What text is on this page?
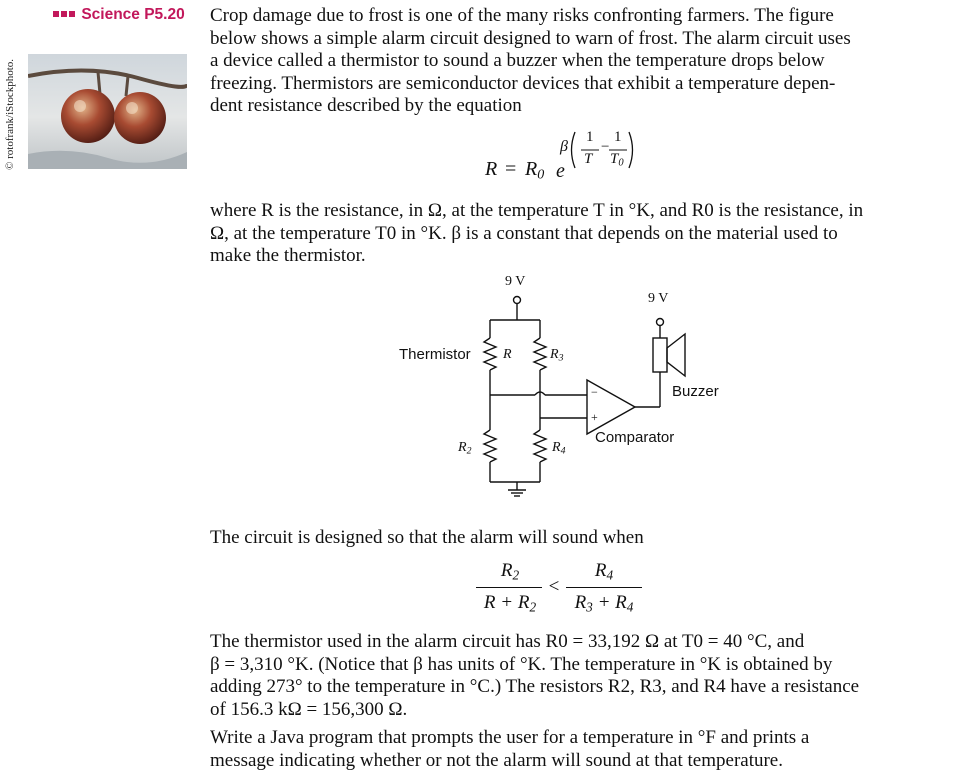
Science P5.20
© rotofrank/iStockphoto.
Crop damage due to frost is one of the many risks confronting farmers. The figure
below shows a simple alarm circuit designed to warn of frost. The alarm circuit uses
a device called a thermistor to sound a buzzer when the temperature drops below
freezing. Thermistors are semiconductor devices that exhibit a temperature depen-
dent resistance described by the equation
$R = R_0$ e
β
1
T
−
1
$T_0$
where R is the resistance, in Ω, at the temperature T in °K, and R0 is the resistance, in
Ω, at the temperature T0 in °K. β is a constant that depends on the material used to
make the thermistor.
9 V
9 V
Thermistor R	$R_3$
$R_2$	$R_4$
−
+
Buzzer
Comparator
The circuit is designed so that the alarm will sound when
$R_2$
$R + R_2$
<
$R_4$
$R_3 + R_4$
The thermistor used in the alarm circuit has R0 = 33,192 Ω at T0 = 40 °C, and
β = 3,310 °K. (Notice that β has units of °K. The temperature in °K is obtained by
adding 273° to the temperature in °C.) The resistors R2, R3, and R4 have a resistance
of 156.3 kΩ = 156,300 Ω.
Write a Java program that prompts the user for a temperature in °F and prints a
message indicating whether or not the alarm will sound at that temperature.
